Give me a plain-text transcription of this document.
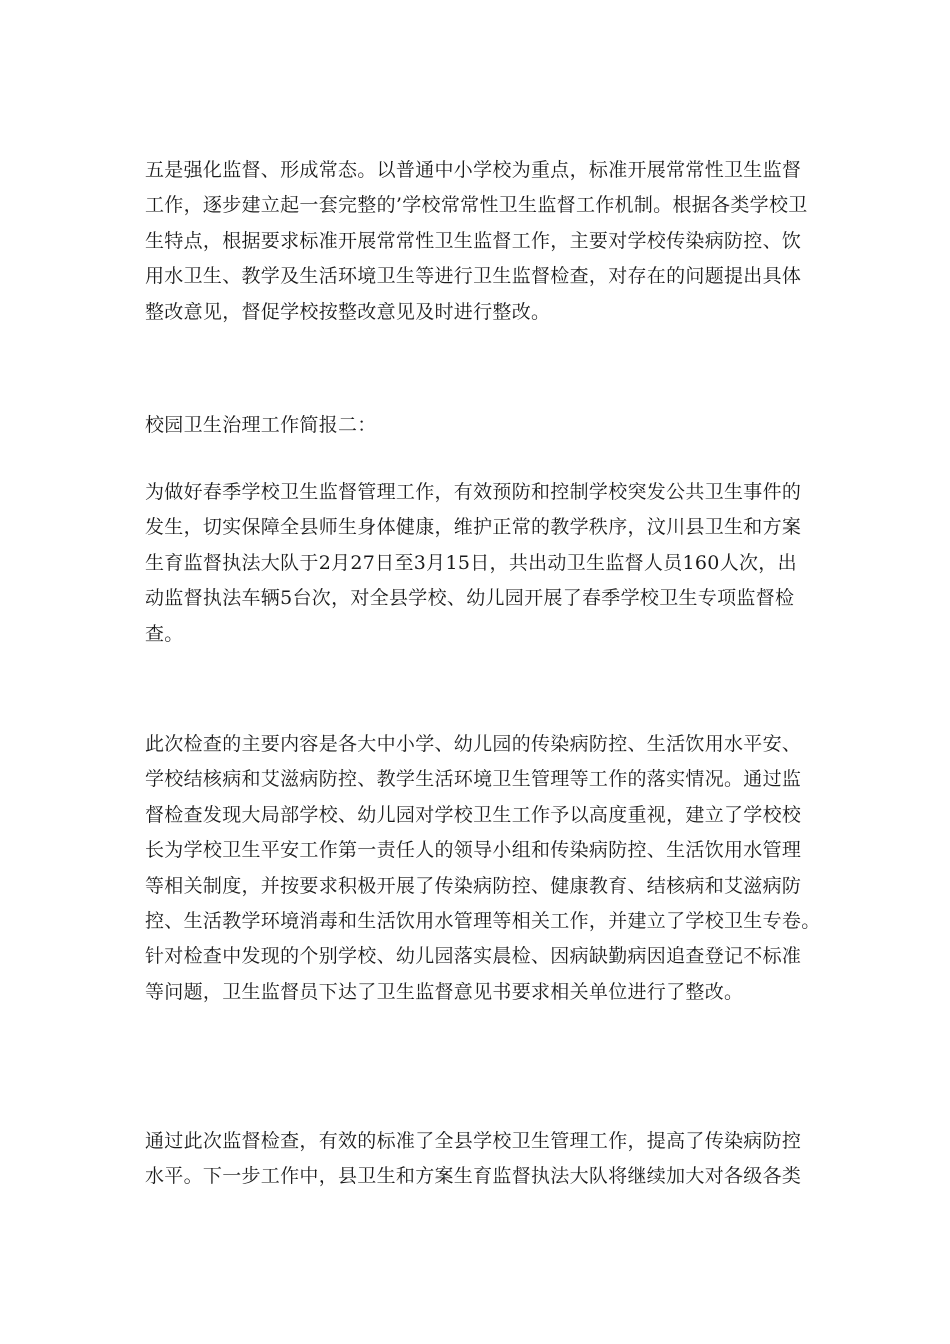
五是强化监督、形成常态。以普通中小学校为重点，标准开展常常性卫生监督
工作，逐步建立起一套完整的’学校常常性卫生监督工作机制。根据各类学校卫
生特点，根据要求标准开展常常性卫生监督工作，主要对学校传染病防控、饮
用水卫生、教学及生活环境卫生等进行卫生监督检查，对存在的问题提出具体
整改意见，督促学校按整改意见及时进行整改。

校园卫生治理工作简报二：

为做好春季学校卫生监督管理工作，有效预防和控制学校突发公共卫生事件的
发生，切实保障全县师生身体健康，维护正常的教学秩序，汶川县卫生和方案
生育监督执法大队于2月27日至3月15日，共出动卫生监督人员160人次，出
动监督执法车辆5台次，对全县学校、幼儿园开展了春季学校卫生专项监督检
查。

此次检查的主要内容是各大中小学、幼儿园的传染病防控、生活饮用水平安、
学校结核病和艾滋病防控、教学生活环境卫生管理等工作的落实情况。通过监
督检查发现大局部学校、幼儿园对学校卫生工作予以高度重视，建立了学校校
长为学校卫生平安工作第一责任人的领导小组和传染病防控、生活饮用水管理
等相关制度，并按要求积极开展了传染病防控、健康教育、结核病和艾滋病防
控、生活教学环境消毒和生活饮用水管理等相关工作，并建立了学校卫生专卷。
针对检查中发现的个别学校、幼儿园落实晨检、因病缺勤病因追查登记不标准
等问题，卫生监督员下达了卫生监督意见书要求相关单位进行了整改。

通过此次监督检查，有效的标准了全县学校卫生管理工作，提高了传染病防控
水平。下一步工作中，县卫生和方案生育监督执法大队将继续加大对各级各类
